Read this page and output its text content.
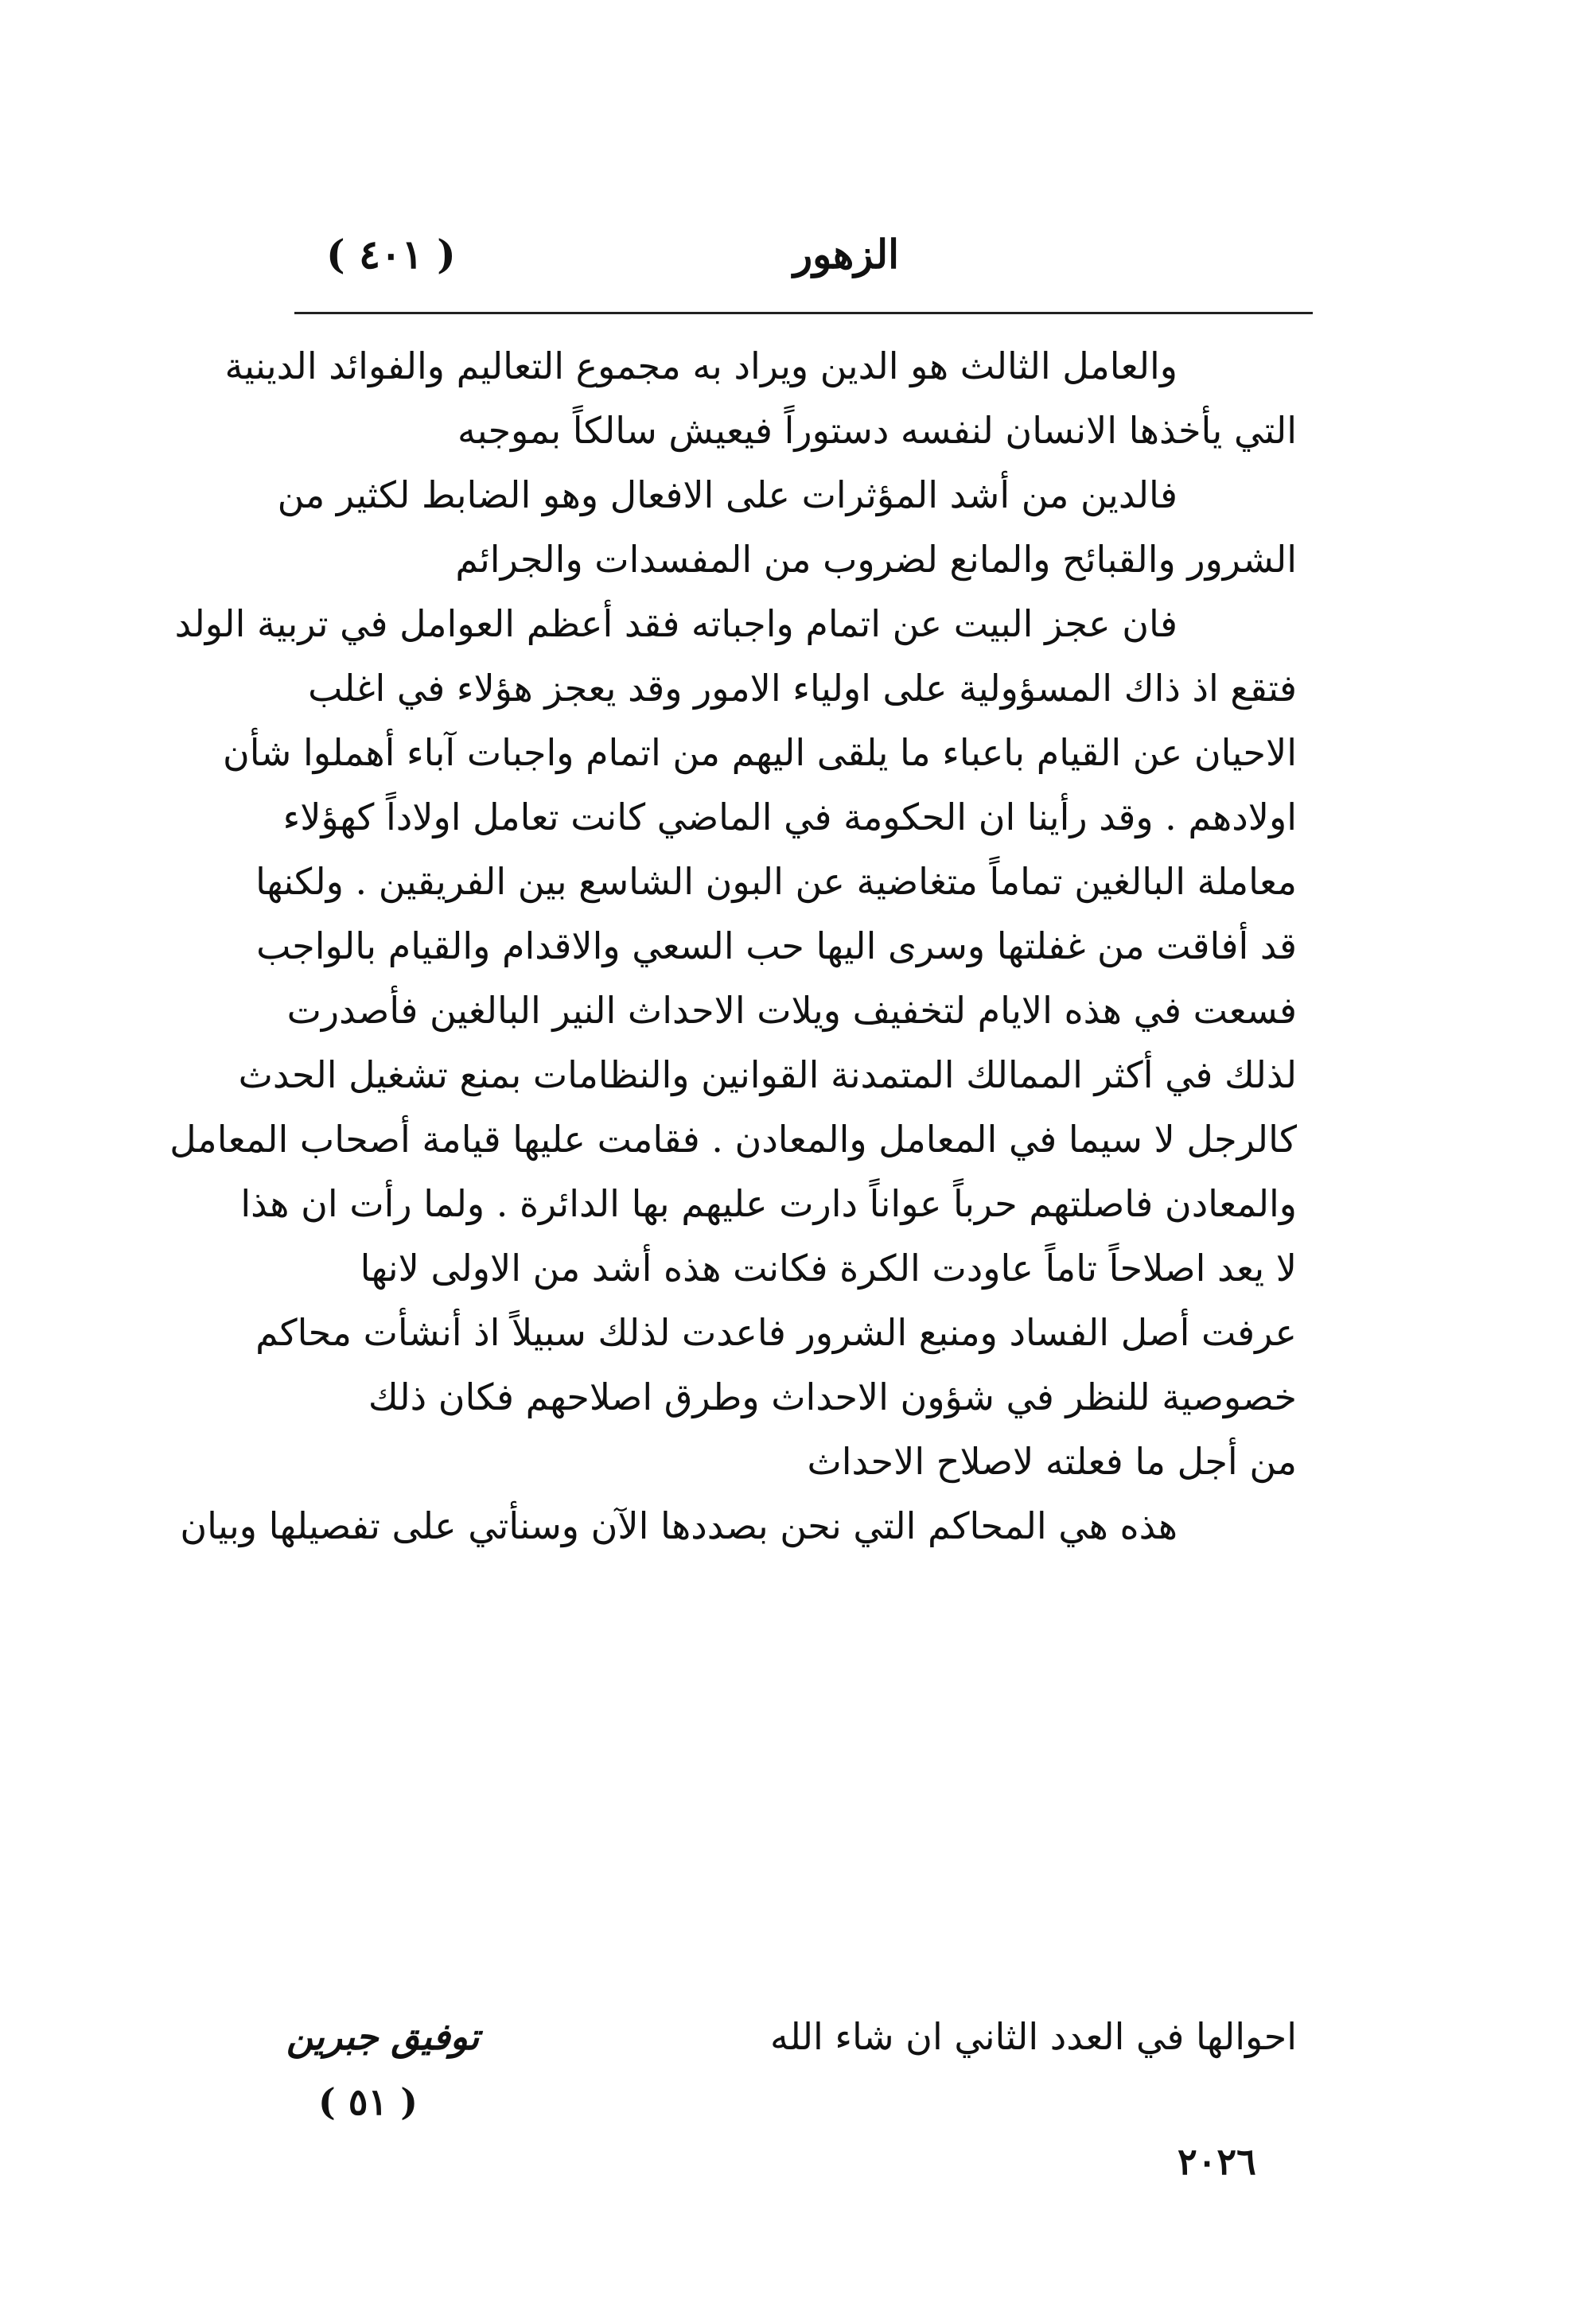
الزهور
( ٤٠١ )
والعامل الثالث هو الدين ويراد به مجموع التعاليم والفوائد الدينية
التي يأخذها الانسان لنفسه دستوراً فيعيش سالكاً بموجبه
فالدين من أشد المؤثرات على الافعال وهو الضابط لكثير من
الشرور والقبائح والمانع لضروب من المفسدات والجرائم
فان عجز البيت عن اتمام واجباته فقد أعظم العوامل في تربية الولد
فتقع اذ ذاك المسؤولية على اولياء الامور وقد يعجز هؤلاء في اغلب
الاحيان عن القيام باعباء ما يلقى اليهم من اتمام واجبات آباء أهملوا شأن
اولادهم . وقد رأينا ان الحكومة في الماضي كانت تعامل اولاداً كهؤلاء
معاملة البالغين تماماً متغاضية عن البون الشاسع بين الفريقين . ولكنها
قد أفاقت من غفلتها وسرى اليها حب السعي والاقدام والقيام بالواجب
فسعت في هذه الايام لتخفيف ويلات الاحداث النير البالغين فأصدرت
لذلك في أكثر الممالك المتمدنة القوانين والنظامات بمنع تشغيل الحدث
كالرجل لا سيما في المعامل والمعادن . فقامت عليها قيامة أصحاب المعامل
والمعادن فاصلتهم حرباً عواناً دارت عليهم بها الدائرة . ولما رأت ان هذا
لا يعد اصلاحاً تاماً عاودت الكرة فكانت هذه أشد من الاولى لانها
عرفت أصل الفساد ومنبع الشرور فاعدت لذلك سبيلاً اذ أنشأت محاكم
خصوصية للنظر في شؤون الاحداث وطرق اصلاحهم فكان ذلك
من أجل ما فعلته لاصلاح الاحداث
هذه هي المحاكم التي نحن بصددها الآن وسنأتي على تفصيلها وبيان
احوالها في العدد الثاني ان شاء الله
توفيق جبرين
( ٥١ )
٢٠٢٦
